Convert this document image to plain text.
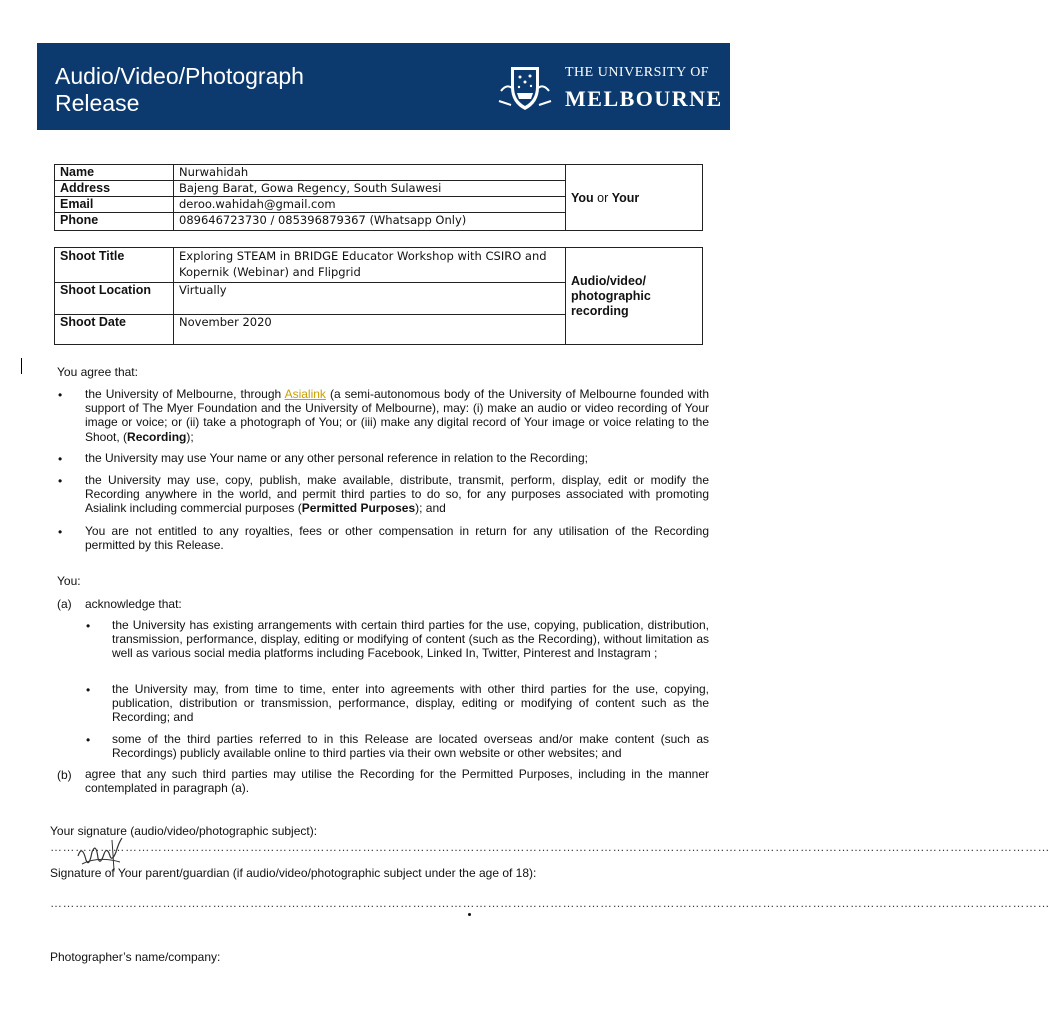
Audio/Video/Photograph
Release
THE UNIVERSITY OF
MELBOURNE
Name	Nurwahidah	You or Your
Address	Bajeng Barat, Gowa Regency, South Sulawesi	
Email	deroo.wahidah@gmail.com	
Phone	089646723730 / 085396879367 (Whatsapp Only)	
Shoot Title	Exploring STEAM in BRIDGE Educator Workshop with CSIRO and Kopernik (Webinar) and Flipgrid	Audio/video/ photographic recording
Shoot Location	Virtually	
Shoot Date	November 2020	
You agree that:
• the University of Melbourne, through Asialink (a semi-autonomous body of the University of Melbourne founded with support of The Myer Foundation and the University of Melbourne), may: (i) make an audio or video recording of Your image or voice; or (ii) take a photograph of You; or (iii) make any digital record of Your image or voice relating to the Shoot, (Recording);
• the University may use Your name or any other personal reference in relation to the Recording;
• the University may use, copy, publish, make available, distribute, transmit, perform, display, edit or modify the Recording anywhere in the world, and permit third parties to do so, for any purposes associated with promoting Asialink including commercial purposes (Permitted Purposes); and
• You are not entitled to any royalties, fees or other compensation in return for any utilisation of the Recording permitted by this Release.
You:
(a) acknowledge that:
• the University has existing arrangements with certain third parties for the use, copying, publication, distribution, transmission, performance, display, editing or modifying of content (such as the Recording), without limitation as well as various social media platforms including Facebook, Linked In, Twitter, Pinterest and Instagram ;
• the University may, from time to time, enter into agreements with other third parties for the use, copying, publication, distribution or transmission, performance, display, editing or modifying of content such as the Recording; and
• some of the third parties referred to in this Release are located overseas and/or make content (such as Recordings) publicly available online to third parties via their own website or other websites; and
(b) agree that any such third parties may utilise the Recording for the Permitted Purposes, including in the manner contemplated in paragraph (a).
Your signature (audio/video/photographic subject):
……………………………………………………………………………………………………………………………………………………………………………………………………………………
Signature of Your parent/guardian (if audio/video/photographic subject under the age of 18):
……………………………………………………………………………………………………………………………………………………………………………………………………………………
Photographer’s name/company:
